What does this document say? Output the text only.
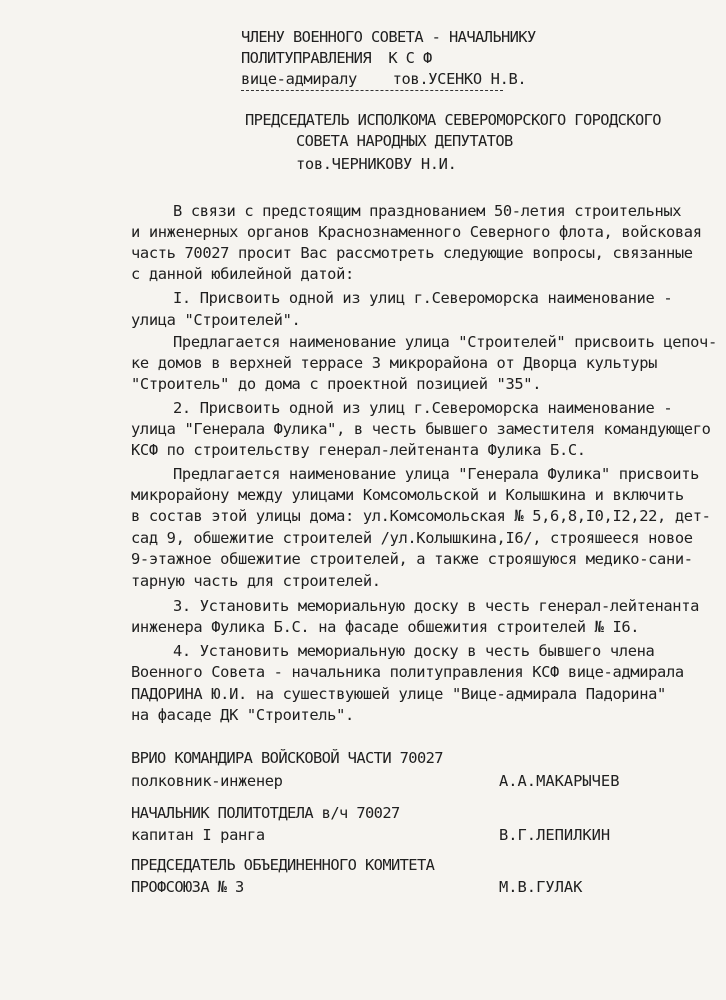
ЧЛЕНУ ВОЕННОГО СОВЕТА - НАЧАЛЬНИКУ
ПОЛИТУПРАВЛЕНИЯ  К С Ф
вице-адмиралу    тов.УСЕНКО Н.В.
ПРЕДСЕДАТЕЛЬ ИСПОЛКОМА СЕВЕРОМОРСКОГО ГОРОДСКОГО
СОВЕТА НАРОДНЫХ ДЕПУТАТОВ
тов.ЧЕРНИКОВУ Н.И.
В связи с предстоящим празднованием 50-летия строительных
и инженерных органов Краснознаменного Северного флота, войсковая
часть 70027 просит Вас рассмотреть следующие вопросы, связанные
с данной юбилейной датой:
I. Присвоить одной из улиц г.Североморска наименование -
улица "Строителей".
Предлагается наименование улица "Строителей" присвоить цепоч-
ке домов в верхней террасе 3 микрорайона от Дворца культуры
"Строитель" до дома с проектной позицией "35".
2. Присвоить одной из улиц г.Североморска наименование -
улица "Генерала Фулика", в честь бывшего заместителя командующего
КСФ по строительству генерал-лейтенанта Фулика Б.С.
Предлагается наименование улица "Генерала Фулика" присвоить
микрорайону между улицами Комсомольской и Колышкина и включить
в состав этой улицы дома: ул.Комсомольская № 5,6,8,I0,I2,22, дет-
сад 9, обшежитие строителей /ул.Колышкина,I6/, строяшееся новое
9-этажное обшежитие строителей, а также строяшуюся медико-сани-
тарную часть для строителей.
3. Установить мемориальную доску в честь генерал-лейтенанта
инженера Фулика Б.С. на фасаде обшежития строителей № I6.
4. Установить мемориальную доску в честь бывшего члена
Военного Совета - начальника политуправления КСФ вице-адмирала
ПАДОРИНА Ю.И. на сушествуюшей улице "Вице-адмирала Падорина"
на фасаде ДК "Строитель".
ВРИО КОМАНДИРА ВОЙСКОВОЙ ЧАСТИ 70027
полковник-инженер	А.А.МАКАРЫЧЕВ
НАЧАЛЬНИК ПОЛИТОТДЕЛА в/ч 70027
капитан I ранга	В.Г.ЛЕПИЛКИН
ПРЕДСЕДАТЕЛЬ ОБЪЕДИНЕННОГО КОМИТЕТА
ПРОФСОЮЗА № 3	М.В.ГУЛАК
